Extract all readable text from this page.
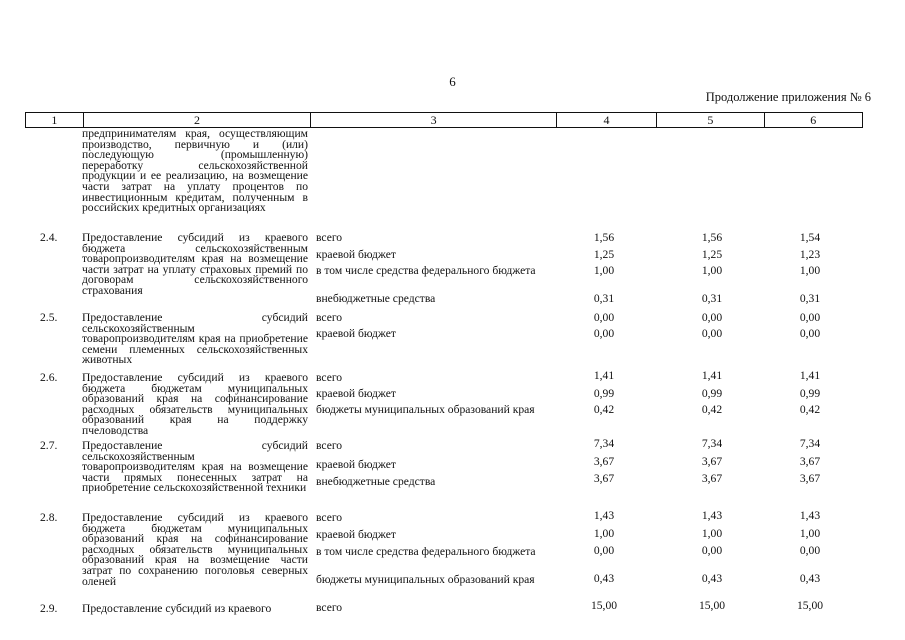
6
Продолжение приложения № 6
1	2	3	4	5	6
предпринимателям края, осуществляющим производство, первичную и (или) последующую (промышленную) переработку сельскохозяйственной продукции и ее реализацию, на возмещение части затрат на уплату процентов по инвестиционным кредитам, полученным в российских кредитных организациях
2.4.	Предоставление субсидий из краевого бюджета сельскохозяйственным товаропроизводителям края на возмещение части затрат на уплату страховых премий по договорам сельскохозяйственного страхования
всего	1,56	1,56	1,54
краевой бюджет	1,25	1,25	1,23
в том числе средства федерального бюджета	1,00	1,00	1,00
внебюджетные средства	0,31	0,31	0,31
2.5.	Предоставление субсидий сельскохозяйственным товаропроизводителям края на приобретение семени племенных сельскохозяйственных животных
всего	0,00	0,00	0,00
краевой бюджет	0,00	0,00	0,00
2.6.	Предоставление субсидий из краевого бюджета бюджетам муниципальных образований края на софинансирование расходных обязательств муниципальных образований края на поддержку пчеловодства
всего	1,41	1,41	1,41
краевой бюджет	0,99	0,99	0,99
бюджеты муниципальных образований края	0,42	0,42	0,42
2.7.	Предоставление субсидий сельскохозяйственным товаропроизводителям края на возмещение части прямых понесенных затрат на приобретение сельскохозяйственной техники
всего	7,34	7,34	7,34
краевой бюджет	3,67	3,67	3,67
внебюджетные средства	3,67	3,67	3,67
2.8.	Предоставление субсидий из краевого бюджета бюджетам муниципальных образований края на софинансирование расходных обязательств муниципальных образований края на возмещение части затрат по сохранению поголовья северных оленей
всего	1,43	1,43	1,43
краевой бюджет	1,00	1,00	1,00
в том числе средства федерального бюджета	0,00	0,00	0,00
бюджеты муниципальных образований края	0,43	0,43	0,43
2.9.	Предоставление субсидий из краевого	всего	15,00	15,00	15,00
